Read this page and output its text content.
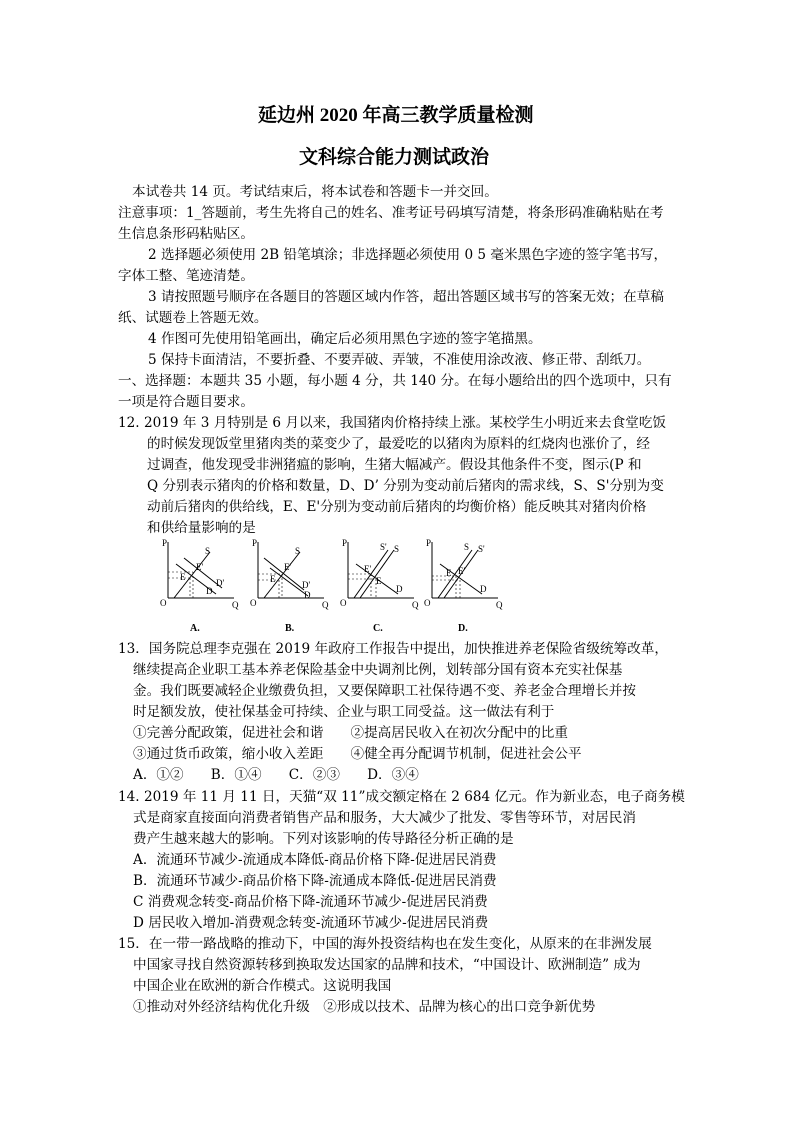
延边州 2020 年高三教学质量检测
文科综合能力测试政治
本试卷共 14 页。考试结束后，将本试卷和答题卡一并交回。
注意事项：1_答题前，考生先将自己的姓名、准考证号码填写清楚，将条形码准确粘贴在考
生信息条形码粘贴区。
2 选择题必须使用 2B 铅笔填涂；非选择题必须使用 0 5 毫米黑色字迹的签字笔书写，
字体工整、笔迹清楚。
3 请按照题号顺序在各题目的答题区域内作答，超出答题区域书写的答案无效；在草稿
纸、试题卷上答题无效。
4 作图可先使用铅笔画出，确定后必须用黑色字迹的签字笔描黑。
5 保持卡面清洁，不要折叠、不要弄破、弄皱，不准使用涂改液、修正带、刮纸刀。
一、选择题：本题共 35 小题，每小题 4 分，共 140 分。在每小题给出的四个选项中，只有
一项是符合题目要求。
12. 2019 年 3 月特别是 6 月以来，我国猪肉价格持续上涨。某校学生小明近来去食堂吃饭
的时候发现饭堂里猪肉类的菜变少了，最爱吃的以猪肉为原料的红烧肉也涨价了，经
过调查，他发现受非洲猪瘟的影响，生猪大幅减产。假设其他条件不变，图示(P 和
Q 分别表示猪肉的价格和数量，D、D’ 分别为变动前后猪肉的需求线，S、S'分别为变
动前后猪肉的供给线，E、E'分别为变动前后猪肉的均衡价格）能反映其对猪肉价格
和供给量影响的是
P
Q
O
S
E'
E
D'
D
A.
P
Q
O
S
E'
E
D'
D
B.
P
Q
O
S' S
E'
E
D
C.
P
Q
O
S S'
E E'
D
D.
13．国务院总理李克强在 2019 年政府工作报告中提出，加快推进养老保险省级统筹改革，
继续提高企业职工基本养老保险基金中央调剂比例，划转部分国有资本充实社保基
金。我们既要减轻企业缴费负担，又要保障职工社保待遇不变、养老金合理增长并按
时足额发放，使社保基金可持续、企业与职工同受益。这一做法有利于
①完善分配政策，促进社会和谐　　②提高居民收入在初次分配中的比重
③通过货币政策，缩小收入差距　　④健全再分配调节机制，促进社会公平
A．①②　　B．①④　　C．②③　　D．③④
14. 2019 年 11 月 11 日，天猫“双 11”成交额定格在 2 684 亿元。作为新业态，电子商务模
式是商家直接面向消费者销售产品和服务，大大减少了批发、零售等环节，对居民消
费产生越来越大的影响。下列对该影响的传导路径分析正确的是
A．流通环节减少-流通成本降低-商品价格下降-促进居民消费
B．流通环节减少-商品价格下降-流通成本降低-促进居民消费
C 消费观念转变-商品价格下降-流通环节减少-促进居民消费
D 居民收入增加-消费观念转变-流通环节减少-促进居民消费
15．在一带一路战略的推动下，中国的海外投资结构也在发生变化，从原来的在非洲发展
中国家寻找自然资源转移到换取发达国家的品牌和技术，“中国设计、欧洲制造” 成为
中国企业在欧洲的新合作模式。这说明我国
①推动对外经济结构优化升级　②形成以技术、品牌为核心的出口竞争新优势
